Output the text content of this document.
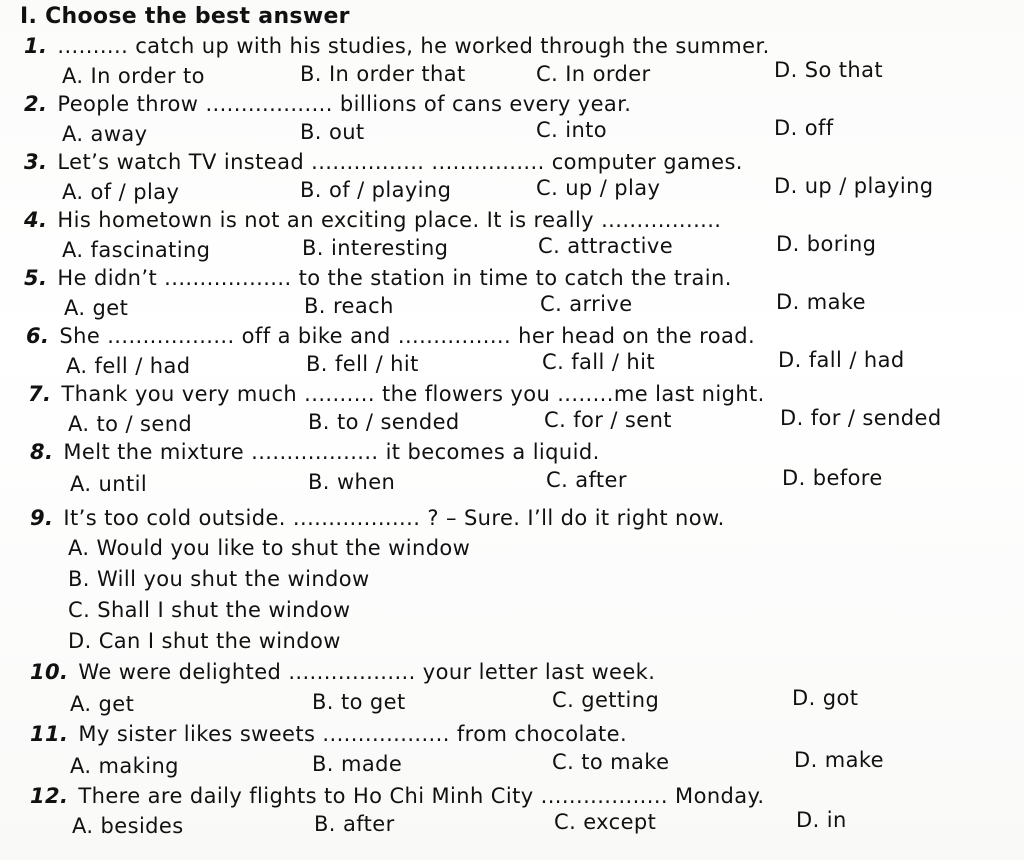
I. Choose the best answer
1. .......... catch up with his studies, he worked through the summer.
A. In order to	B. In order that	C. In order	D. So that
2. People throw .................. billions of cans every year.
A. away	B. out	C. into	D. off
3. Let’s watch TV instead ................ ................ computer games.
A. of / play	B. of / playing	C. up / play	D. up / playing
4. His hometown is not an exciting place. It is really .................
A. fascinating	B. interesting	C. attractive	D. boring
5. He didn’t .................. to the station in time to catch the train.
A. get	B. reach	C. arrive	D. make
6. She .................. off a bike and ................ her head on the road.
A. fell / had	B. fell / hit	C. fall / hit	D. fall / had
7. Thank you very much .......... the flowers you ........me last night.
A. to / send	B. to / sended	C. for / sent	D. for / sended
8. Melt the mixture .................. it becomes a liquid.
A. until	B. when	C. after	D. before
9. It’s too cold outside. .................. ? – Sure. I’ll do it right now.
A. Would you like to shut the window
B. Will you shut the window
C. Shall I shut the window
D. Can I shut the window
10. We were delighted .................. your letter last week.
A. get	B. to get	C. getting	D. got
11. My sister likes sweets .................. from chocolate.
A. making	B. made	C. to make	D. make
12. There are daily flights to Ho Chi Minh City .................. Monday.
A. besides	B. after	C. except	D. in
